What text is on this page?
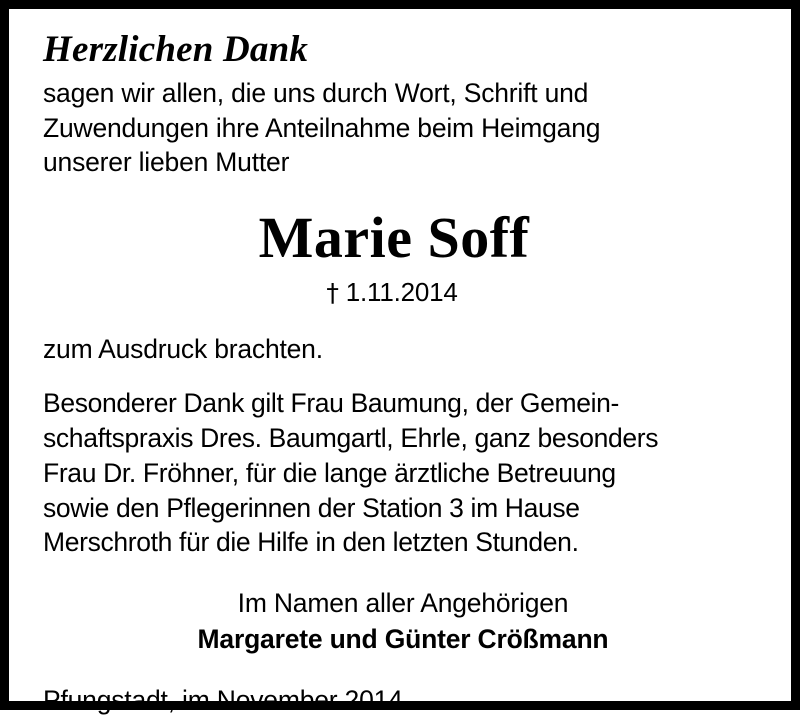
Herzlichen Dank

sagen wir allen, die uns durch Wort, Schrift und
Zuwendungen ihre Anteilnahme beim Heimgang
unserer lieben Mutter

Marie Soff
† 1.11.2014

zum Ausdruck brachten.

Besonderer Dank gilt Frau Baumung, der Gemein-
schaftspraxis Dres. Baumgartl, Ehrle, ganz besonders
Frau Dr. Fröhner, für die lange ärztliche Betreuung
sowie den Pflegerinnen der Station 3 im Hause
Merschroth für die Hilfe in den letzten Stunden.

Im Namen aller Angehörigen
Margarete und Günter Crößmann

Pfungstadt, im November 2014
